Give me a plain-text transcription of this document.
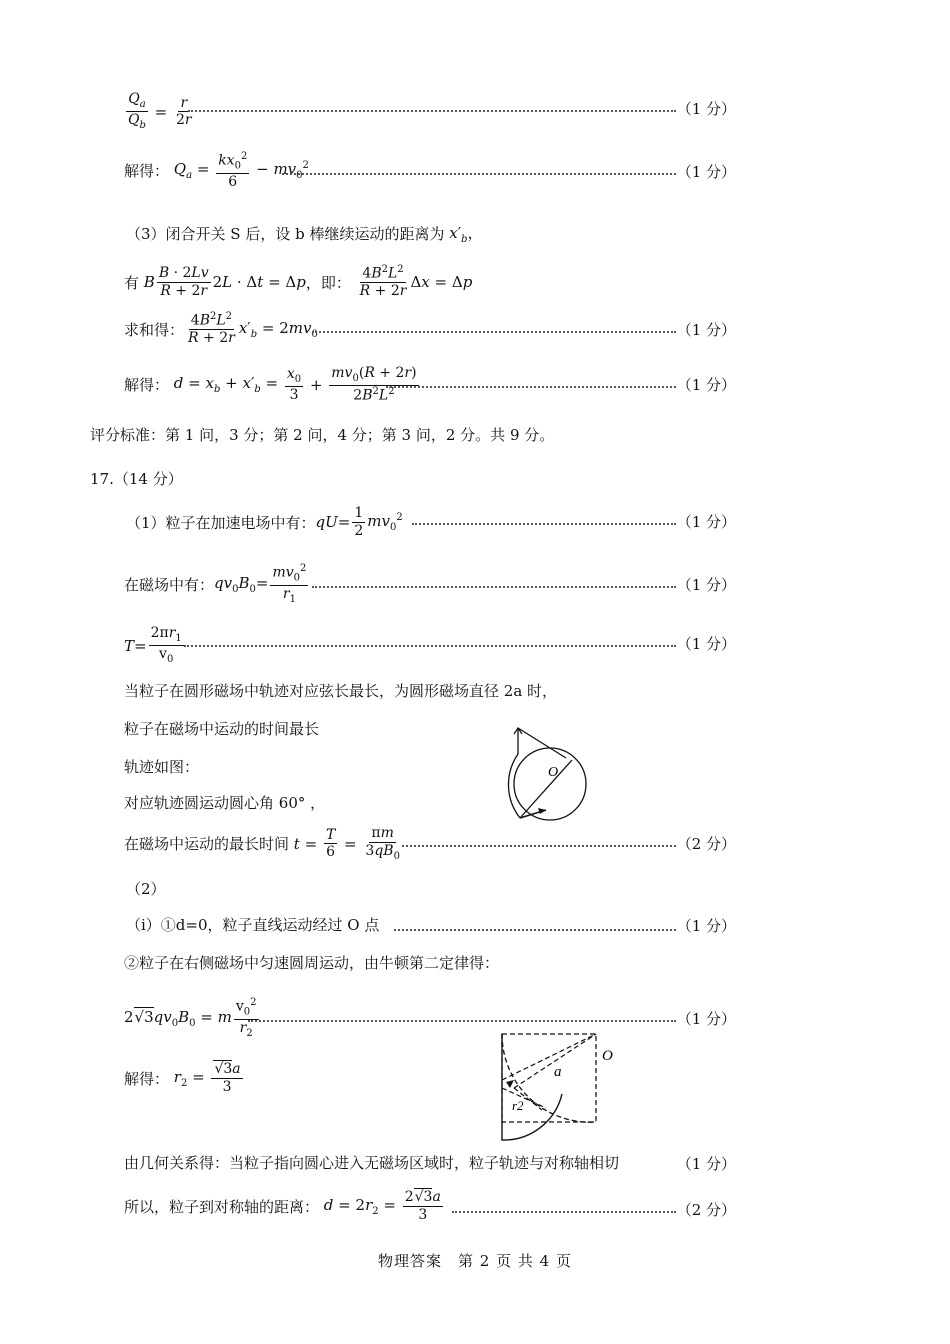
$\frac{Q_a}{Q_b} = \frac{r}{2r}$	（1 分）
解得： $Q_a = \frac{kx_0^2}{6} - mv_0^2$	（1 分）
（3）闭合开关 S 后，设 b 棒继续运动的距离为 $x'_b$，
有 B $\frac{B \cdot 2Lv}{R + 2r} 2L \cdot \Delta t = \Delta p$ ，即：
$\frac{4B^2L^2}{R + 2r}$ Δx = Δp
求和得： $\frac{4B^2L^2}{R + 2r} x'_b = 2mv_0$	（1 分）
解得： $d = x_b + x'_b = \frac{x_0}{3} + \frac{mv_0(R + 2r)}{2B^2L^2}$	（1 分）
评分标准：第 1 问，3 分；第 2 问，4 分；第 3 问，2 分。共 9 分。
17.（14 分）
（1）粒子在加速电场中有： $qU= \frac{1}{2} mv_0^2$	（1 分）
在磁场中有： $qv_0B_0= \frac{mv_0^2}{r_1}$	（1 分）
$T= \frac{2\pi r_1}{v_0}$	（1 分）
当粒子在圆形磁场中轨迹对应弦长最长，为圆形磁场直径 2a 时，
粒子在磁场中运动的时间最长
轨迹如图：
对应轨迹圆运动圆心角 60° ，
O
在磁场中运动的最长时间 $t = \frac{T}{6} = \frac{\pi m}{3qB_0}$	（2 分）
（2）
（i）①d=0，粒子直线运动经过 O 点	（1 分）
②粒子在右侧磁场中匀速圆周运动，由牛顿第二定律得：
$2√3qv_0B_0 = m \frac{v_0^2}{r_2}$	（1 分）
解得： $r_2 = \frac{√3a}{3}$
O
a
r2
由几何关系得：当粒子指向圆心进入无磁场区域时，粒子轨迹与对称轴相切	（1 分）
所以，粒子到对称轴的距离： $d = 2r_2 = \frac{2√3a}{3}$	（2 分）
物理答案　第 2 页 共 4 页
